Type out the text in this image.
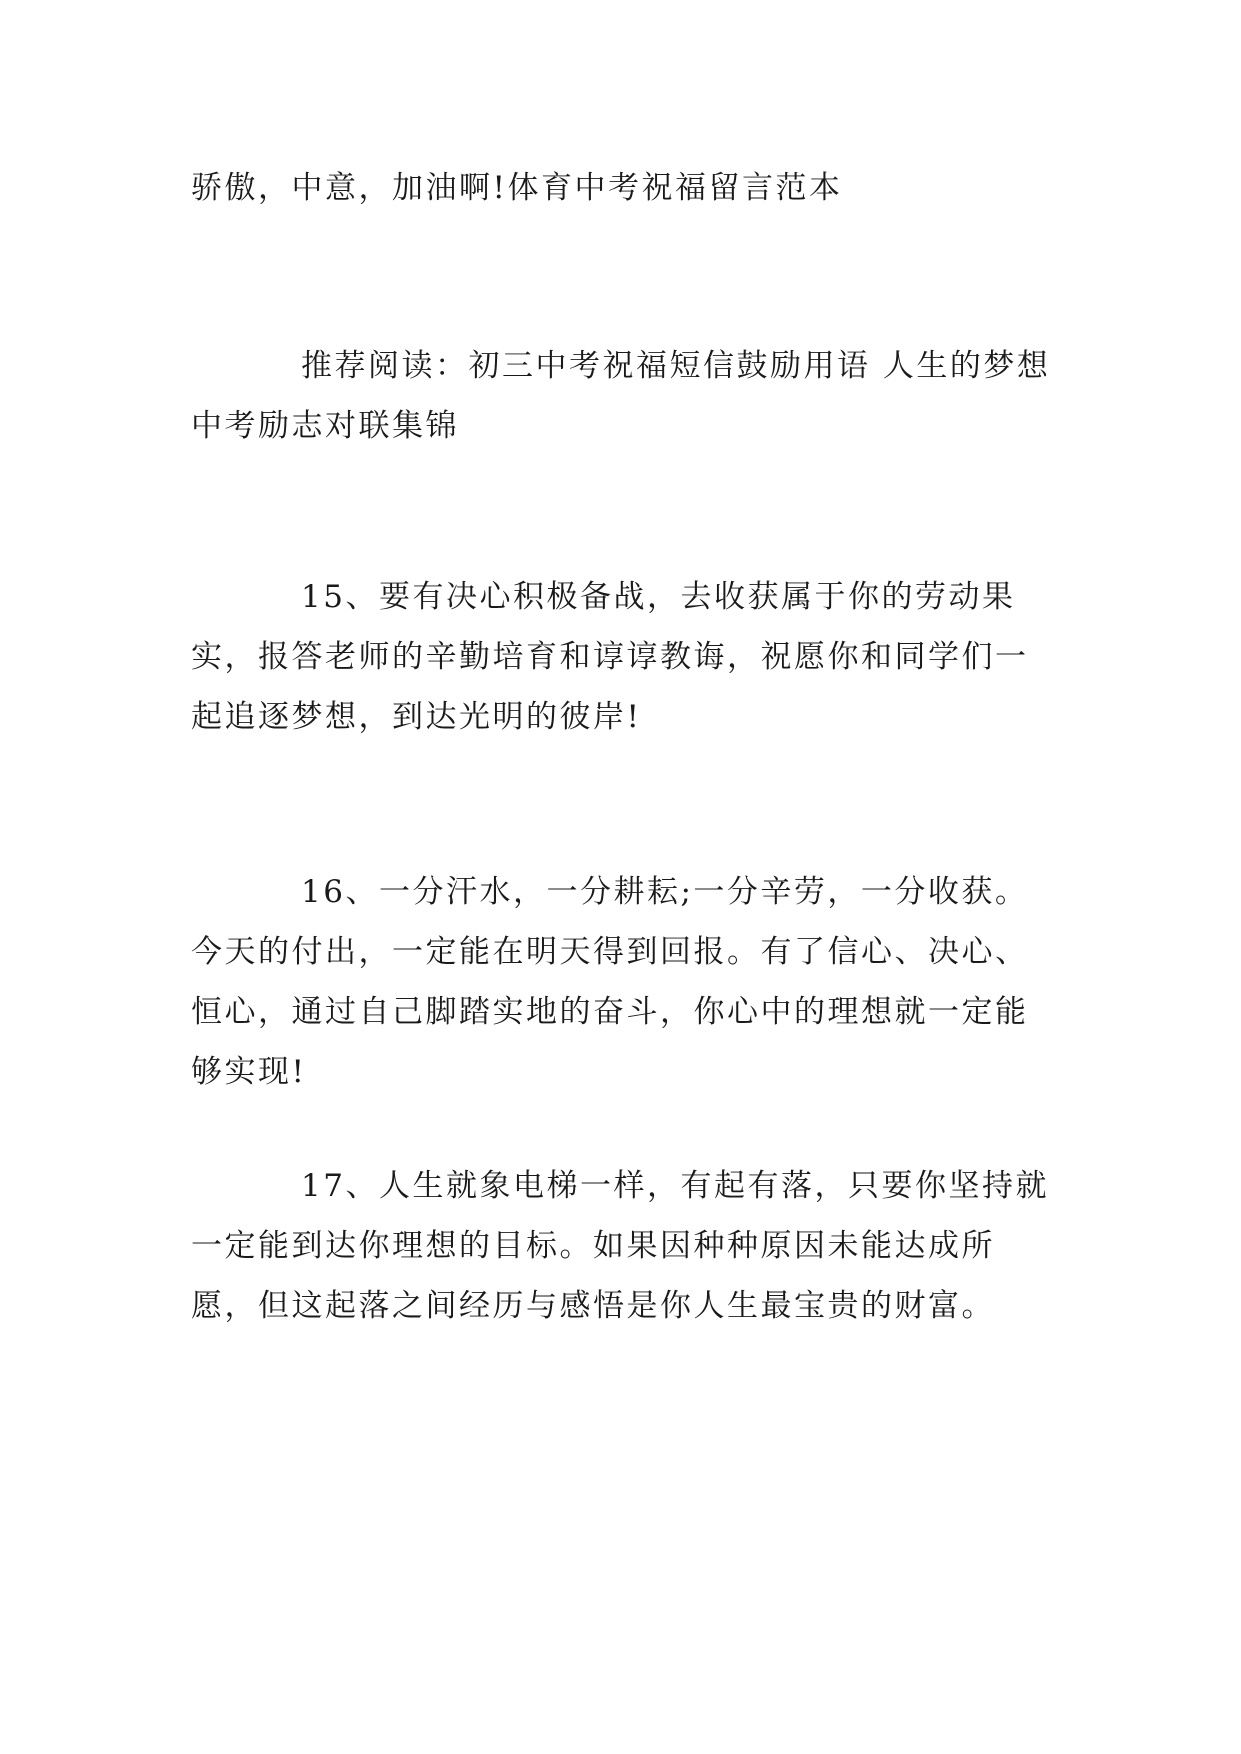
骄傲，中意，加油啊!体育中考祝福留言范本

推荐阅读：初三中考祝福短信鼓励用语 人生的梦想中考励志对联集锦

15、要有决心积极备战，去收获属于你的劳动果实，报答老师的辛勤培育和谆谆教诲，祝愿你和同学们一起追逐梦想，到达光明的彼岸!

16、一分汗水，一分耕耘;一分辛劳，一分收获。今天的付出，一定能在明天得到回报。有了信心、决心、恒心，通过自己脚踏实地的奋斗，你心中的理想就一定能够实现!

17、人生就象电梯一样，有起有落，只要你坚持就一定能到达你理想的目标。如果因种种原因未能达成所愿，但这起落之间经历与感悟是你人生最宝贵的财富。
